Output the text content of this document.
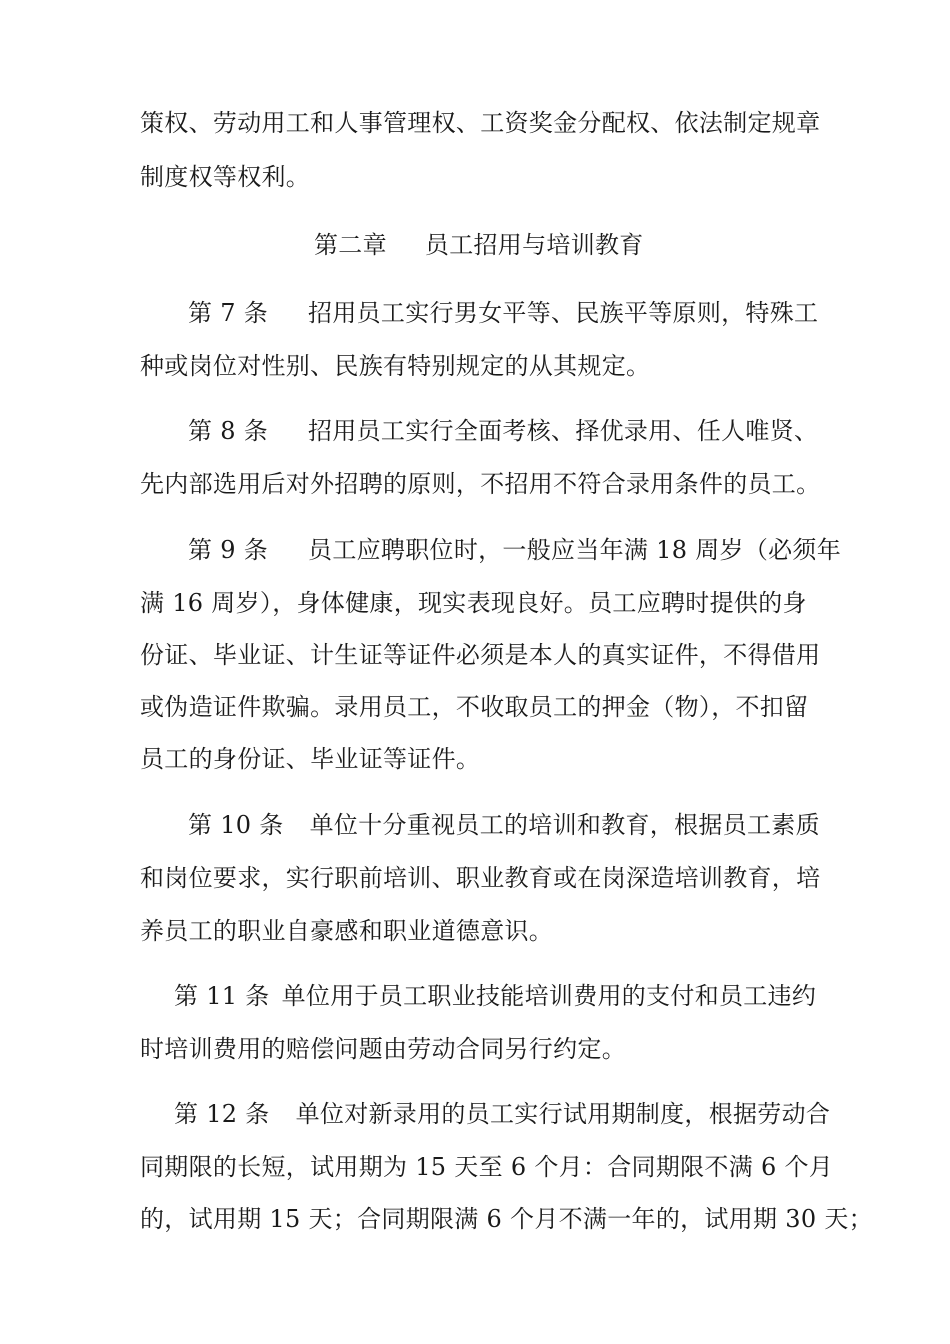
策权、劳动用工和人事管理权、工资奖金分配权、依法制定规章
制度权等权利。
第二章 员工招用与培训教育
第 7 条 招用员工实行男女平等、民族平等原则，特殊工
种或岗位对性别、民族有特别规定的从其规定。
第 8 条 招用员工实行全面考核、择优录用、任人唯贤、
先内部选用后对外招聘的原则，不招用不符合录用条件的员工。
第 9 条 员工应聘职位时，一般应当年满 18 周岁（必须年
满 16 周岁），身体健康，现实表现良好。员工应聘时提供的身
份证、毕业证、计生证等证件必须是本人的真实证件，不得借用
或伪造证件欺骗。录用员工，不收取员工的押金（物），不扣留
员工的身份证、毕业证等证件。
第 10 条 单位十分重视员工的培训和教育，根据员工素质
和岗位要求，实行职前培训、职业教育或在岗深造培训教育，培
养员工的职业自豪感和职业道德意识。
第 11 条 单位用于员工职业技能培训费用的支付和员工违约
时培训费用的赔偿问题由劳动合同另行约定。
第 12 条 单位对新录用的员工实行试用期制度，根据劳动合
同期限的长短，试用期为 15 天至 6 个月：合同期限不满 6 个月
的，试用期 15 天；合同期限满 6 个月不满一年的，试用期 30 天；
